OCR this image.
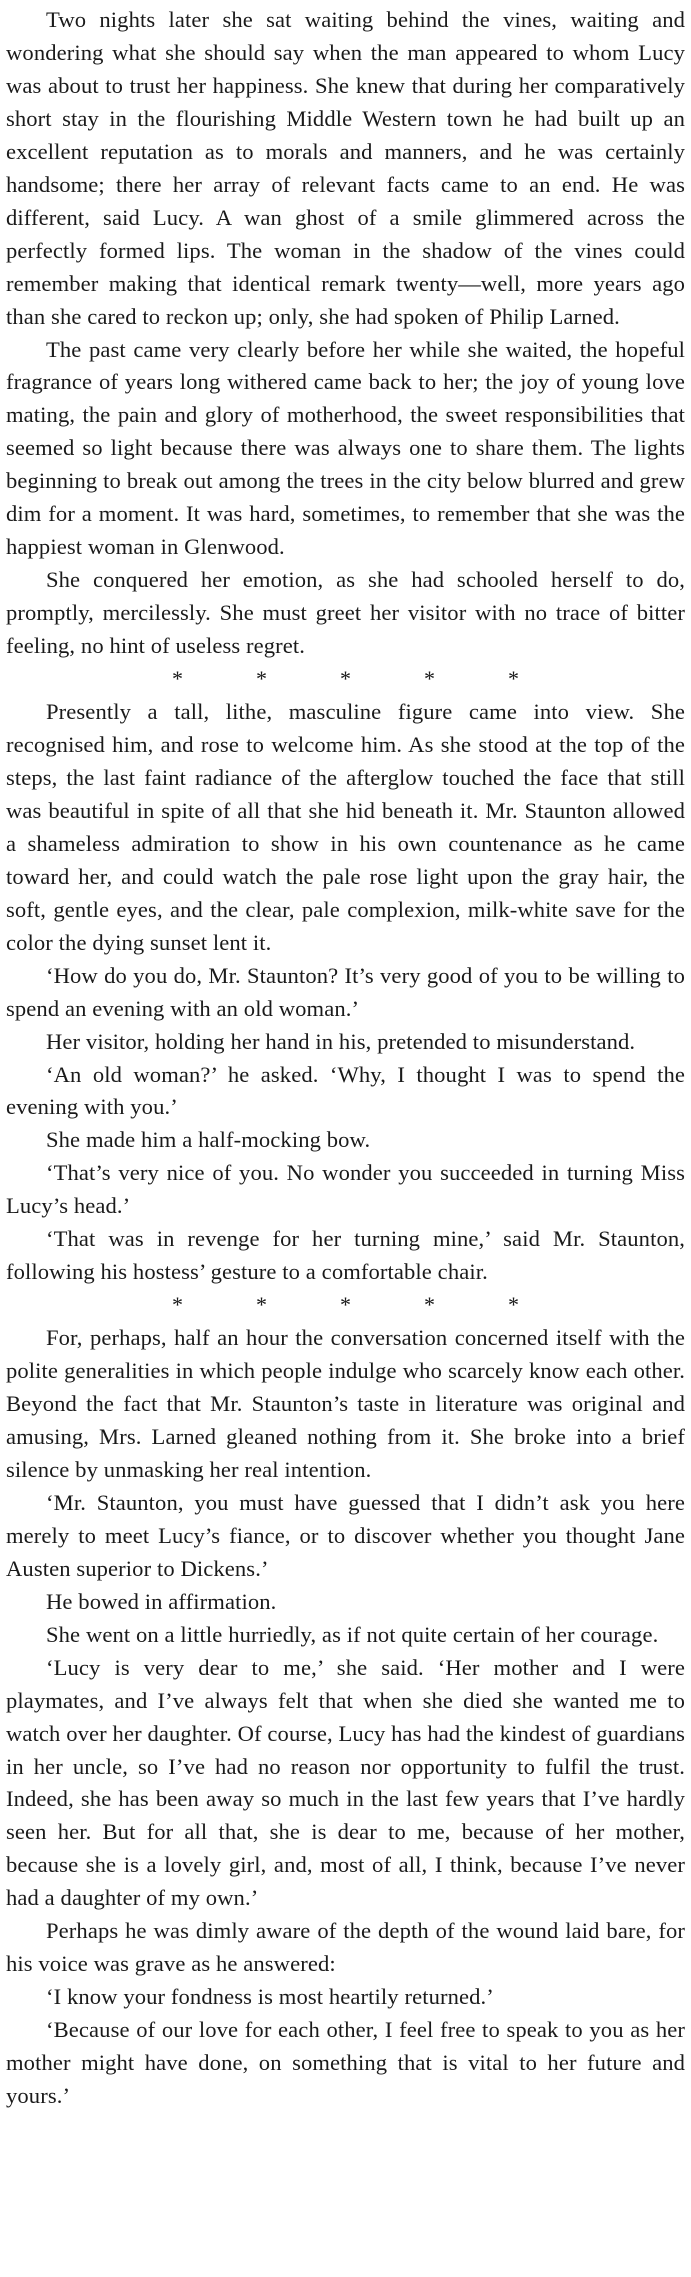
Two nights later she sat waiting behind the vines, waiting and wondering what she should say when the man appeared to whom Lucy was about to trust her happiness. She knew that during her comparatively short stay in the flourishing Middle Western town he had built up an excellent reputation as to morals and manners, and he was certainly handsome; there her array of relevant facts came to an end. He was different, said Lucy. A wan ghost of a smile glimmered across the perfectly formed lips. The woman in the shadow of the vines could remember making that identical remark twenty—well, more years ago than she cared to reckon up; only, she had spoken of Philip Larned.

The past came very clearly before her while she waited, the hopeful fragrance of years long withered came back to her; the joy of young love mating, the pain and glory of motherhood, the sweet responsibilities that seemed so light because there was always one to share them. The lights beginning to break out among the trees in the city below blurred and grew dim for a moment. It was hard, sometimes, to remember that she was the happiest woman in Glenwood.

She conquered her emotion, as she had schooled herself to do, promptly, mercilessly. She must greet her visitor with no trace of bitter feeling, no hint of useless regret.

*	*	*	*	*

Presently a tall, lithe, masculine figure came into view. She recognised him, and rose to welcome him. As she stood at the top of the steps, the last faint radiance of the afterglow touched the face that still was beautiful in spite of all that she hid beneath it. Mr. Staunton allowed a shameless admiration to show in his own countenance as he came toward her, and could watch the pale rose light upon the gray hair, the soft, gentle eyes, and the clear, pale complexion, milk-white save for the color the dying sunset lent it.

‘How do you do, Mr. Staunton? It’s very good of you to be willing to spend an evening with an old woman.’

Her visitor, holding her hand in his, pretended to misunderstand.

‘An old woman?’ he asked. ‘Why, I thought I was to spend the evening with you.’

She made him a half-mocking bow.

‘That’s very nice of you. No wonder you succeeded in turning Miss Lucy’s head.’

‘That was in revenge for her turning mine,’ said Mr. Staunton, following his hostess’ gesture to a comfortable chair.

*	*	*	*	*

For, perhaps, half an hour the conversation concerned itself with the polite generalities in which people indulge who scarcely know each other. Beyond the fact that Mr. Staunton’s taste in literature was original and amusing, Mrs. Larned gleaned nothing from it. She broke into a brief silence by unmasking her real intention.

‘Mr. Staunton, you must have guessed that I didn’t ask you here merely to meet Lucy’s fiance, or to discover whether you thought Jane Austen superior to Dickens.’

He bowed in affirmation.

She went on a little hurriedly, as if not quite certain of her courage.

‘Lucy is very dear to me,’ she said. ‘Her mother and I were playmates, and I’ve always felt that when she died she wanted me to watch over her daughter. Of course, Lucy has had the kindest of guardians in her uncle, so I’ve had no reason nor opportunity to fulfil the trust. Indeed, she has been away so much in the last few years that I’ve hardly seen her. But for all that, she is dear to me, because of her mother, because she is a lovely girl, and, most of all, I think, because I’ve never had a daughter of my own.’

Perhaps he was dimly aware of the depth of the wound laid bare, for his voice was grave as he answered:

‘I know your fondness is most heartily returned.’

‘Because of our love for each other, I feel free to speak to you as her mother might have done, on something that is vital to her future and yours.’
